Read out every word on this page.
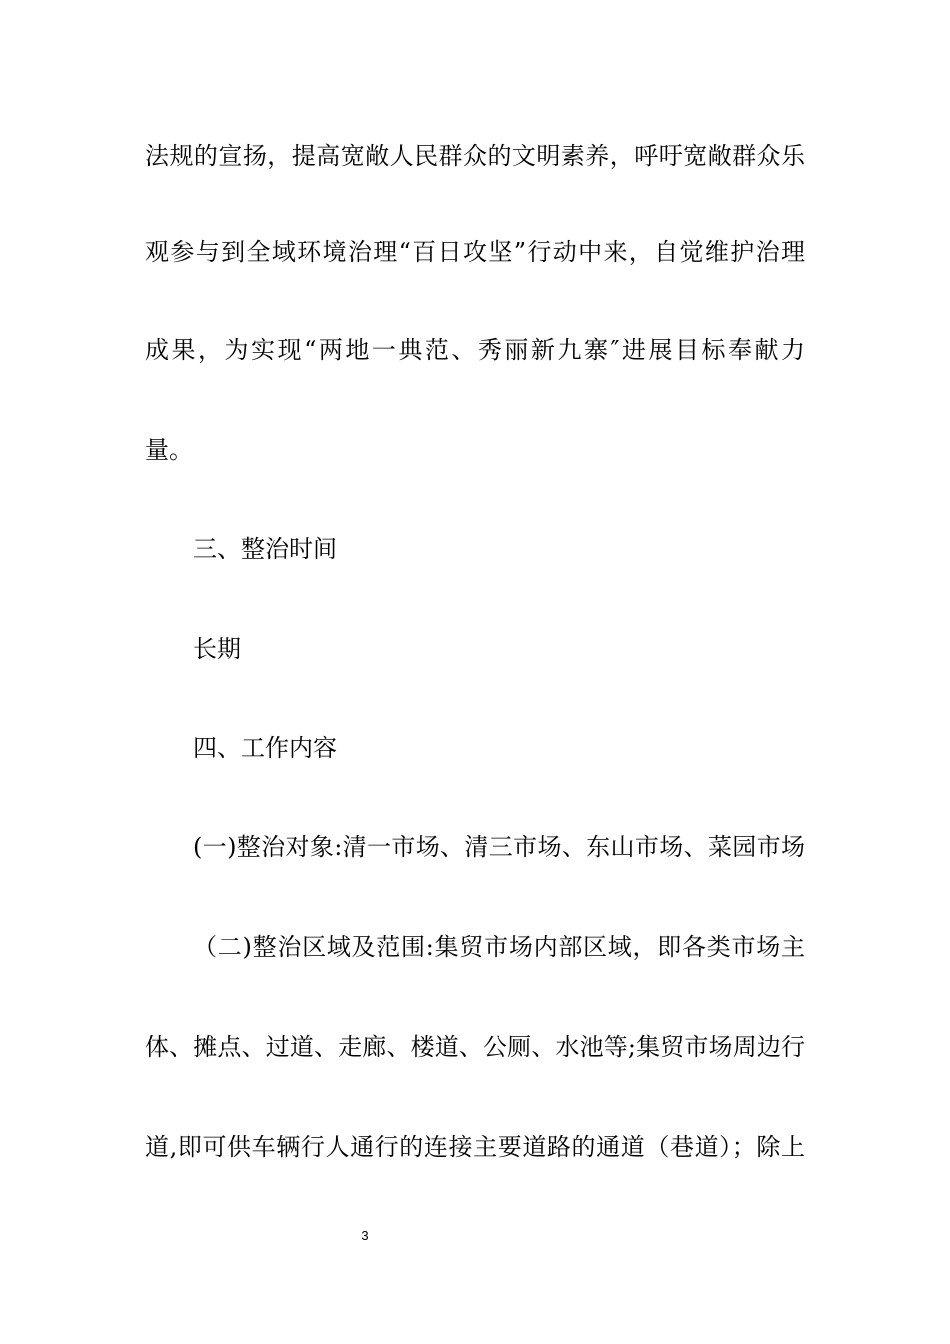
法规的宣扬，提高宽敞人民群众的文明素养，呼吁宽敞群众乐
观参与到全域环境治理“百日攻坚”行动中来，自觉维护治理
成果，为实现“两地一典范、秀丽新九寨″进展目标奉献力
量。
三、整治时间
长期
四、工作内容
(一)整治对象:清一市场、清三市场、东山市场、菜园市场
（二)整治区域及范围:集贸市场内部区域，即各类市场主
体、摊点、过道、走廊、楼道、公厕、水池等;集贸市场周边行
道,即可供车辆行人通行的连接主要道路的通道（巷道）；除上
3
